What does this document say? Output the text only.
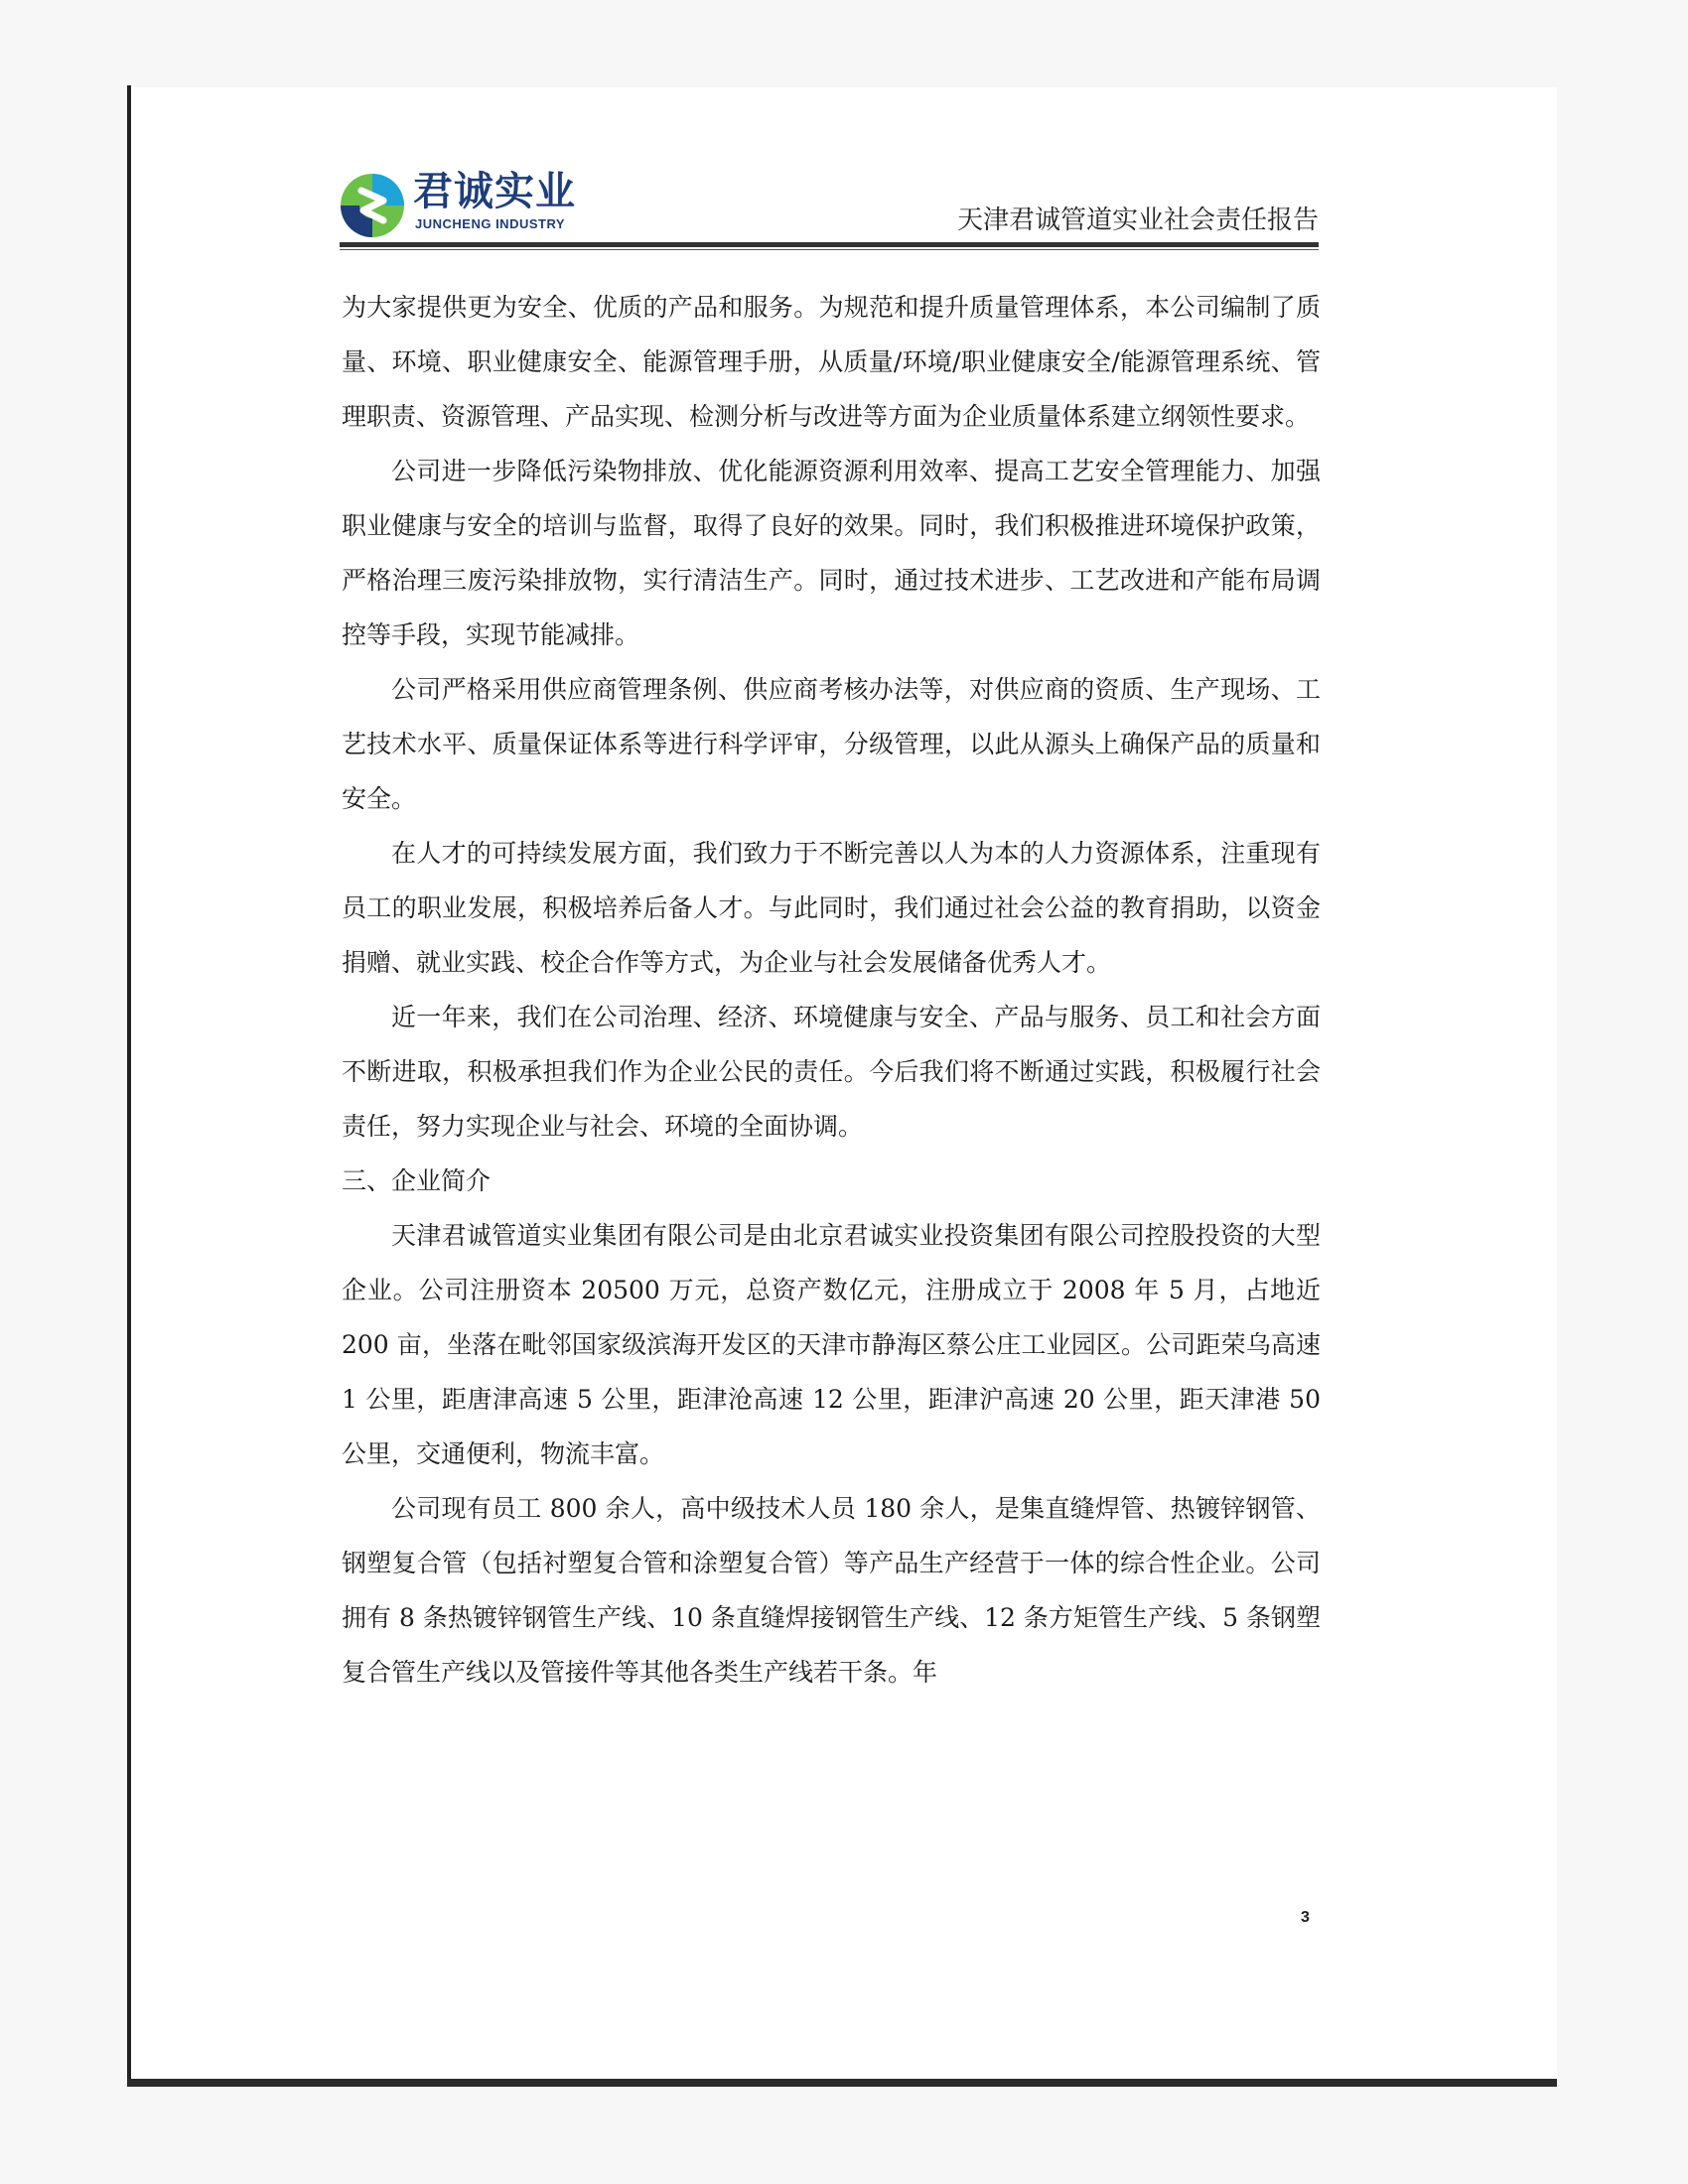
君诚实业
JUNCHENG INDUSTRY	天津君诚管道实业社会责任报告

为大家提供更为安全、优质的产品和服务。为规范和提升质量管理体系，本公司编制了质量、环境、职业健康安全、能源管理手册，从质量/环境/职业健康安全/能源管理系统、管理职责、资源管理、产品实现、检测分析与改进等方面为企业质量体系建立纲领性要求。

公司进一步降低污染物排放、优化能源资源利用效率、提高工艺安全管理能力、加强职业健康与安全的培训与监督，取得了良好的效果。同时，我们积极推进环境保护政策，严格治理三废污染排放物，实行清洁生产。同时，通过技术进步、工艺改进和产能布局调控等手段，实现节能减排。

公司严格采用供应商管理条例、供应商考核办法等，对供应商的资质、生产现场、工艺技术水平、质量保证体系等进行科学评审，分级管理，以此从源头上确保产品的质量和安全。

在人才的可持续发展方面，我们致力于不断完善以人为本的人力资源体系，注重现有员工的职业发展，积极培养后备人才。与此同时，我们通过社会公益的教育捐助，以资金捐赠、就业实践、校企合作等方式，为企业与社会发展储备优秀人才。

近一年来，我们在公司治理、经济、环境健康与安全、产品与服务、员工和社会方面不断进取，积极承担我们作为企业公民的责任。今后我们将不断通过实践，积极履行社会责任，努力实现企业与社会、环境的全面协调。

三、企业简介

天津君诚管道实业集团有限公司是由北京君诚实业投资集团有限公司控股投资的大型企业。公司注册资本 20500 万元，总资产数亿元，注册成立于 2008 年 5 月，占地近 200 亩，坐落在毗邻国家级滨海开发区的天津市静海区蔡公庄工业园区。公司距荣乌高速 1 公里，距唐津高速 5 公里，距津沧高速 12 公里，距津沪高速 20 公里，距天津港 50 公里，交通便利，物流丰富。

公司现有员工 800 余人，高中级技术人员 180 余人，是集直缝焊管、热镀锌钢管、钢塑复合管（包括衬塑复合管和涂塑复合管）等产品生产经营于一体的综合性企业。公司拥有 8 条热镀锌钢管生产线、10 条直缝焊接钢管生产线、12 条方矩管生产线、5 条钢塑复合管生产线以及管接件等其他各类生产线若干条。年

3
